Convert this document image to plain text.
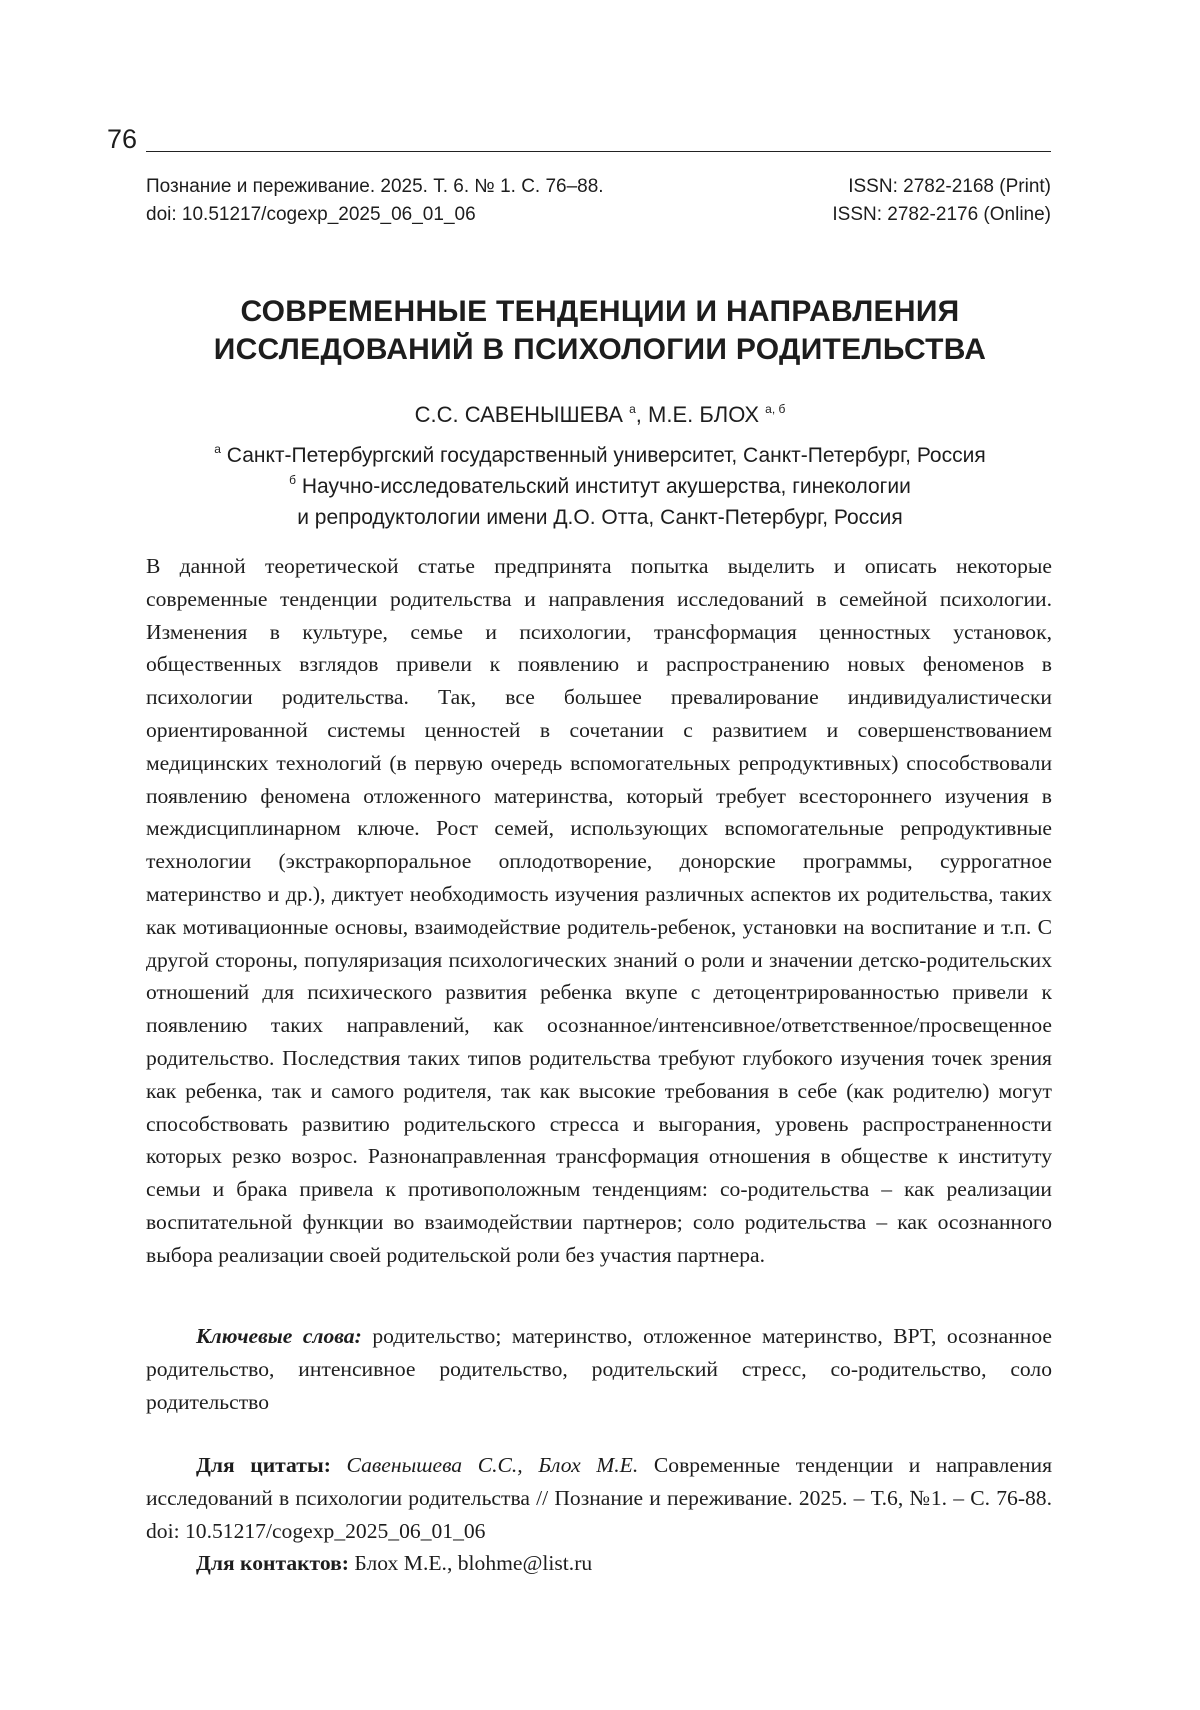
76
Познание и переживание. 2025. Т. 6. № 1. С. 76–88.
doi: 10.51217/cogexp_2025_06_01_06
ISSN: 2782-2168 (Print)
ISSN: 2782-2176 (Online)
СОВРЕМЕННЫЕ ТЕНДЕНЦИИ И НАПРАВЛЕНИЯ
ИССЛЕДОВАНИЙ В ПСИХОЛОГИИ РОДИТЕЛЬСТВА
С.С. САВЕНЫШЕВА $^а$, М.Е. БЛОХ $^{а, б}$
$^а$ Санкт-Петербургский государственный университет, Санкт-Петербург, Россия
$^б$ Научно-исследовательский институт акушерства, гинекологии
и репродуктологии имени Д.О. Отта, Санкт-Петербург, Россия

В данной теоретической статье предпринята попытка выделить и описать некоторые современные тенденции родительства и направления исследований в семейной психологии. Изменения в культуре, семье и психологии, трансформация ценностных установок, общественных взглядов привели к появлению и распространению новых феноменов в психологии родительства. Так, все большее превалирование индивидуалистически ориентированной системы ценностей в сочетании с развитием и совершенствованием медицинских технологий (в первую очередь вспомогательных репродуктивных) способствовали появлению феномена отложенного материнства, который требует всестороннего изучения в междисциплинарном ключе. Рост семей, использующих вспомогательные репродуктивные технологии (экстракорпоральное оплодотворение, донорские программы, суррогатное материнство и др.), диктует необходимость изучения различных аспектов их родительства, таких как мотивационные основы, взаимодействие родитель-ребенок, установки на воспитание и т.п. С другой стороны, популяризация психологических знаний о роли и значении детско-родительских отношений для психического развития ребенка вкупе с детоцентрированностью привели к появлению таких направлений, как осознанное/интенсивное/ответственное/просвещенное родительство. Последствия таких типов родительства требуют глубокого изучения точек зрения как ребенка, так и самого родителя, так как высокие требования в себе (как родителю) могут способствовать развитию родительского стресса и выгорания, уровень распространенности которых резко возрос. Разнонаправленная трансформация отношения в обществе к институту семьи и брака привела к противоположным тенденциям: со-родительства – как реализации воспитательной функции во взаимодействии партнеров; соло родительства – как осознанного выбора реализации своей родительской роли без участия партнера.

Ключевые слова: родительство; материнство, отложенное материнство, ВРТ, осознанное родительство, интенсивное родительство, родительский стресс, со-родительство, соло родительство

Для цитаты: Савенышева С.С., Блох М.Е. Современные тенденции и направления исследований в психологии родительства // Познание и переживание. 2025. – Т.6, №1. – С. 76-88. doi: 10.51217/cogexp_2025_06_01_06

Для контактов: Блох М.Е., blohme@list.ru
